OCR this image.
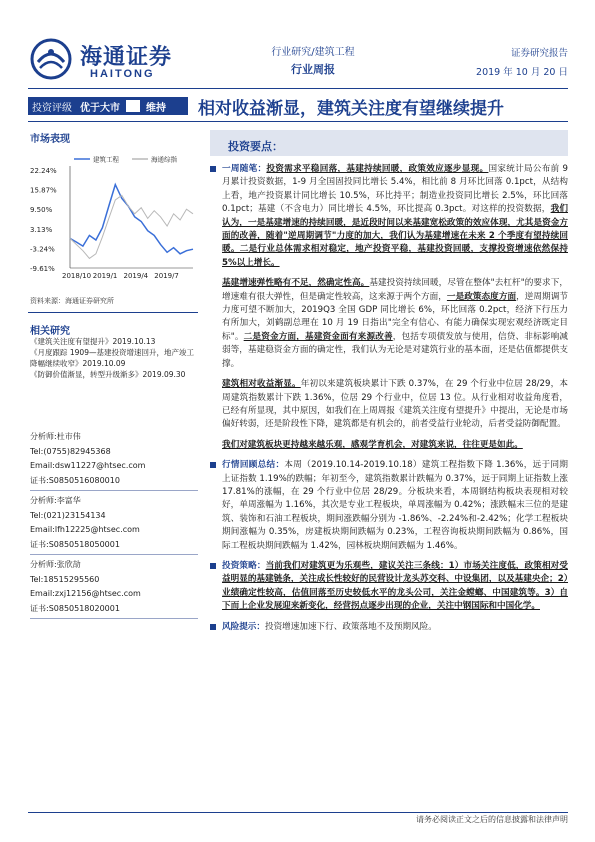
海通证券
HAITONG
行业研究/建筑工程
行业周报
证券研究报告
2019 年 10 月 20 日
投资评级 优于大市	维持 相对收益渐显，建筑关注度有望继续提升
市场表现
22.24%
15.87%
9.50%
3.13%
-3.24%
-9.61%
2018/10 2019/1 2019/4 2019/7
建筑工程	海通综指
资料来源：海通证券研究所
相关研究
《建筑关注度有望提升》2019.10.13
《月度跟踪 1909—基建投资增速回升，地产竣工降幅继续收窄》2019.10.09
《防御价值渐显，转型升级渐多》2019.09.30
分析师:杜市伟
Tel:(0755)82945368
Email:dsw11227@htsec.com
证书:S0850516080010
分析师:李富华
Tel:(021)23154134
Email:lfh12225@htsec.com
证书:S0850518050001
分析师:张欣劼
Tel:18515295560
Email:zxj12156@htsec.com
证书:S0850518020001
投资要点：

一周随笔：投资需求平稳回落，基建持续回暖，政策效应逐步显现。国家统计局公布前 9 月累计投资数据，1-9 月全国固投同比增长 5.4%，相比前 8 月环比回落 0.1pct，从结构上看，地产投资累计同比增长 10.5%，环比持平；制造业投资同比增长 2.5%，环比回落 0.1pct；基建（不含电力）同比增长 4.5%，环比提高 0.3pct。对这样的投资数据，我们认为，一是基建增速的持续回暖，是近段时间以来基建宽松政策的效应体现，尤其是资金方面的改善，随着"逆周期调节"力度的加大，我们认为基建增速在未来 2 个季度有望持续回暖。二是行业总体需求相对稳定，地产投资平稳，基建投资回暖，支撑投资增速依然保持 5%以上增长。

基建增速弹性略有不足，然确定性高。基建投资持续回暖，尽管在整体"去杠杆"的要求下，增速难有很大弹性，但是确定性较高，这来源于两个方面，一是政策态度方面，逆周期调节力度可望不断加大，2019Q3 全国 GDP 同比增长 6%，环比回落 0.2pct，经济下行压力有所加大，刘鹤副总理在 10 月 19 日指出"完全有信心、有能力确保实现宏观经济既定目标"。二是资金方面，基建资金面有来源改善，包括专项债发放与使用，信贷、非标影响减弱等，基建稳资金方面的确定性，我们认为无论是对建筑行业的基本面，还是估值都提供支撑。

建筑相对收益渐显。年初以来建筑板块累计下跌 0.37%，在 29 个行业中位居 28/29，本周建筑指数累计下跌 1.36%，位居 29 个行业中，位居 13 位。从行业相对收益角度看，已经有所显现，其中原因，如我们在上周周报《建筑关注度有望提升》中提出，无论是市场偏好转弱，还是阶段性下降，建筑都是有机会的，前者受益行业轮动，后者受益防御配置。

我们对建筑板块更持越来越乐观，感观学育机会，对建筑来说，往往更是如此。

行情回顾总结：本周（2019.10.14-2019.10.18）建筑工程指数下降 1.36%，远于同期上证指数 1.19%的跌幅；年初至今，建筑指数累计跌幅为 0.37%，远于同期上证指数上涨 17.81%的涨幅，在 29 个行业中位居 28/29。分板块来看，本周钢结构板块表现相对较好，单周涨幅为 1.16%，其次是专业工程板块，单周涨幅为 0.42%；涨跌幅末三位的是建筑、装饰和石油工程板块，期间涨跌幅分别为 -1.86%、-2.24%和-2.42%；化学工程板块期间涨幅为 0.35%，房建板块期间跌幅为 0.23%，工程咨询板块期间跌幅为 0.86%，国际工程板块期间跌幅为 1.42%，园林板块期间跌幅为 1.46%。

投资策略：当前我们对建筑更为乐观些，建议关注三条线：1）市场关注度低，政策相对受益明显的基建链条，关注成长性较好的民营设计龙头苏交科、中设集团，以及基建央企；2）业绩确定性较高，估值回落至历史较低水平的龙头公司，关注金螳螂、中国建筑等。3）自下而上企业发展迎来新变化，经营拐点逐步出现的企业，关注中钢国际和中国化学。

风险提示：投资增速加速下行、政策落地不及预期风险。

请务必阅读正文之后的信息披露和法律声明
